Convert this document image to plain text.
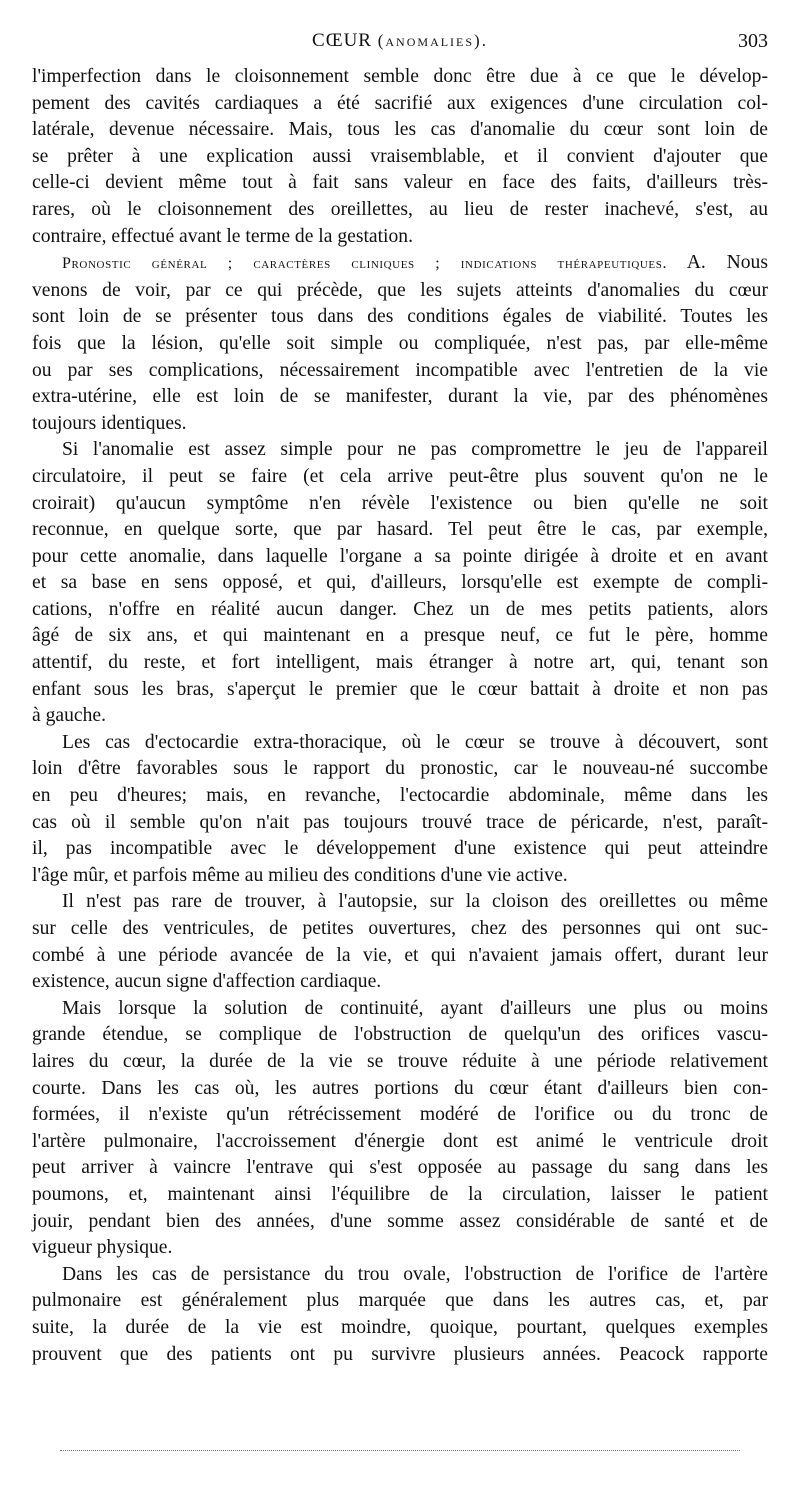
CŒUR (anomalies).	303
l'imperfection dans le cloisonnement semble donc être due à ce que le dévelop-
pement des cavités cardiaques a été sacrifié aux exigences d'une circulation col-
latérale, devenue nécessaire. Mais, tous les cas d'anomalie du cœur sont loin de
se prêter à une explication aussi vraisemblable, et il convient d'ajouter que
celle-ci devient même tout à fait sans valeur en face des faits, d'ailleurs très-
rares, où le cloisonnement des oreillettes, au lieu de rester inachevé, s'est, au
contraire, effectué avant le terme de la gestation.
Pronostic général ; caractères cliniques ; indications thérapeutiques. A. Nous
venons de voir, par ce qui précède, que les sujets atteints d'anomalies du cœur
sont loin de se présenter tous dans des conditions égales de viabilité. Toutes les
fois que la lésion, qu'elle soit simple ou compliquée, n'est pas, par elle-même
ou par ses complications, nécessairement incompatible avec l'entretien de la vie
extra-utérine, elle est loin de se manifester, durant la vie, par des phénomènes
toujours identiques.
Si l'anomalie est assez simple pour ne pas compromettre le jeu de l'appareil
circulatoire, il peut se faire (et cela arrive peut-être plus souvent qu'on ne le
croirait) qu'aucun symptôme n'en révèle l'existence ou bien qu'elle ne soit
reconnue, en quelque sorte, que par hasard. Tel peut être le cas, par exemple,
pour cette anomalie, dans laquelle l'organe a sa pointe dirigée à droite et en avant
et sa base en sens opposé, et qui, d'ailleurs, lorsqu'elle est exempte de compli-
cations, n'offre en réalité aucun danger. Chez un de mes petits patients, alors
âgé de six ans, et qui maintenant en a presque neuf, ce fut le père, homme
attentif, du reste, et fort intelligent, mais étranger à notre art, qui, tenant son
enfant sous les bras, s'aperçut le premier que le cœur battait à droite et non pas
à gauche.
Les cas d'ectocardie extra-thoracique, où le cœur se trouve à découvert, sont
loin d'être favorables sous le rapport du pronostic, car le nouveau-né succombe
en peu d'heures; mais, en revanche, l'ectocardie abdominale, même dans les
cas où il semble qu'on n'ait pas toujours trouvé trace de péricarde, n'est, paraît-
il, pas incompatible avec le développement d'une existence qui peut atteindre
l'âge mûr, et parfois même au milieu des conditions d'une vie active.
Il n'est pas rare de trouver, à l'autopsie, sur la cloison des oreillettes ou même
sur celle des ventricules, de petites ouvertures, chez des personnes qui ont suc-
combé à une période avancée de la vie, et qui n'avaient jamais offert, durant leur
existence, aucun signe d'affection cardiaque.
Mais lorsque la solution de continuité, ayant d'ailleurs une plus ou moins
grande étendue, se complique de l'obstruction de quelqu'un des orifices vascu-
laires du cœur, la durée de la vie se trouve réduite à une période relativement
courte. Dans les cas où, les autres portions du cœur étant d'ailleurs bien con-
formées, il n'existe qu'un rétrécissement modéré de l'orifice ou du tronc de
l'artère pulmonaire, l'accroissement d'énergie dont est animé le ventricule droit
peut arriver à vaincre l'entrave qui s'est opposée au passage du sang dans les
poumons, et, maintenant ainsi l'équilibre de la circulation, laisser le patient
jouir, pendant bien des années, d'une somme assez considérable de santé et de
vigueur physique.
Dans les cas de persistance du trou ovale, l'obstruction de l'orifice de l'artère
pulmonaire est généralement plus marquée que dans les autres cas, et, par
suite, la durée de la vie est moindre, quoique, pourtant, quelques exemples
prouvent que des patients ont pu survivre plusieurs années. Peacock rapporte
